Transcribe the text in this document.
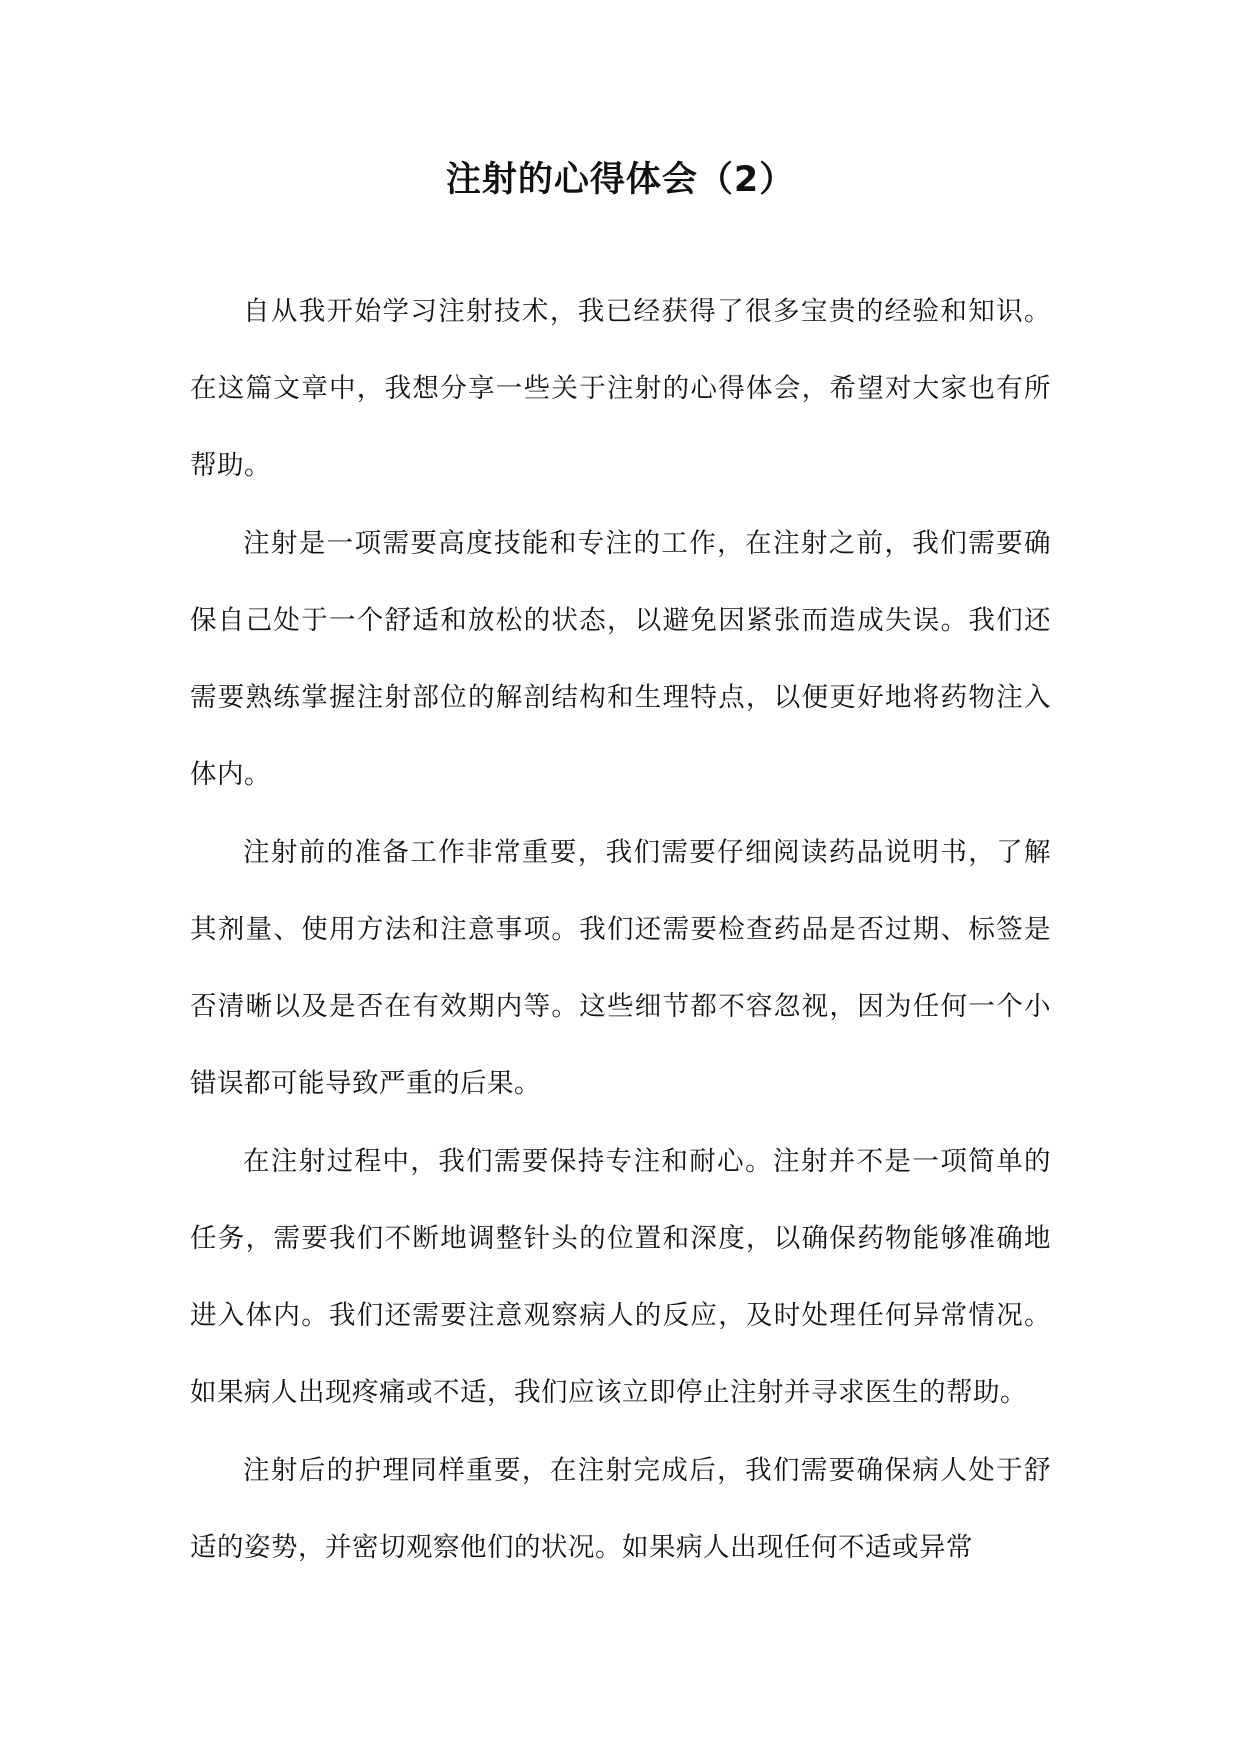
注射的心得体会（2）

自从我开始学习注射技术，我已经获得了很多宝贵的经验和知识。在这篇文章中，我想分享一些关于注射的心得体会，希望对大家也有所帮助。

注射是一项需要高度技能和专注的工作，在注射之前，我们需要确保自己处于一个舒适和放松的状态，以避免因紧张而造成失误。我们还需要熟练掌握注射部位的解剖结构和生理特点，以便更好地将药物注入体内。

注射前的准备工作非常重要，我们需要仔细阅读药品说明书，了解其剂量、使用方法和注意事项。我们还需要检查药品是否过期、标签是否清晰以及是否在有效期内等。这些细节都不容忽视，因为任何一个小错误都可能导致严重的后果。

在注射过程中，我们需要保持专注和耐心。注射并不是一项简单的任务，需要我们不断地调整针头的位置和深度，以确保药物能够准确地进入体内。我们还需要注意观察病人的反应，及时处理任何异常情况。如果病人出现疼痛或不适，我们应该立即停止注射并寻求医生的帮助。

注射后的护理同样重要，在注射完成后，我们需要确保病人处于舒适的姿势，并密切观察他们的状况。如果病人出现任何不适或异常
